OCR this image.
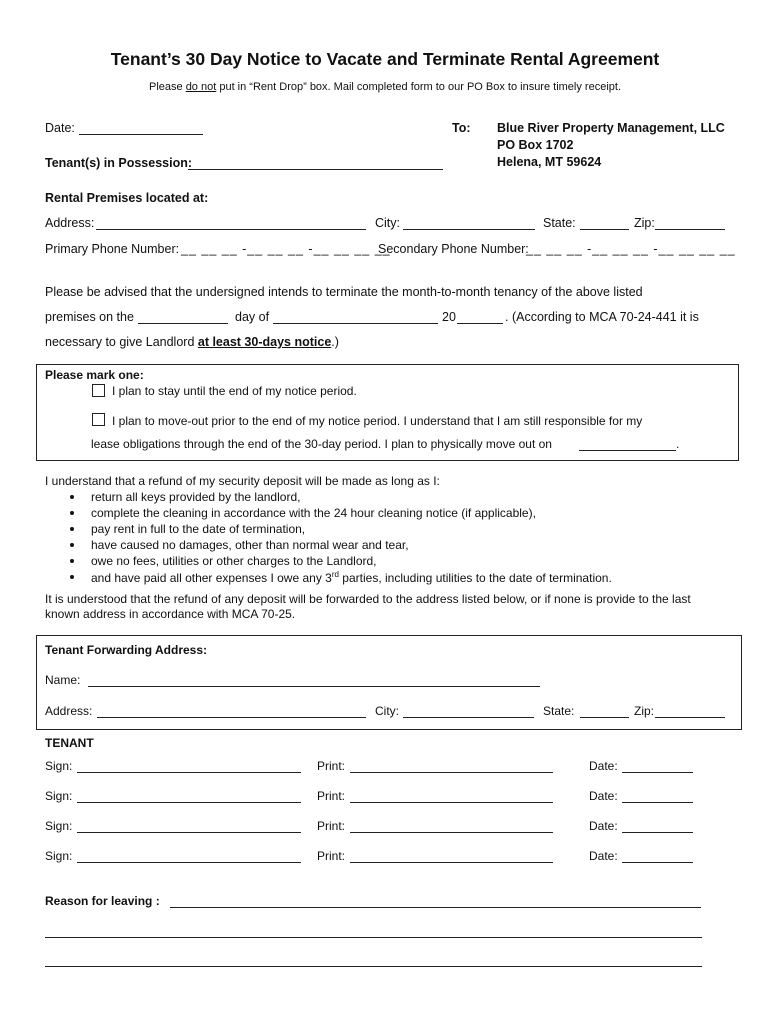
Tenant’s 30 Day Notice to Vacate and Terminate Rental Agreement
Please do not put in “Rent Drop” box. Mail completed form to our PO Box to insure timely receipt.
Date:
Tenant(s) in Possession:
To: Blue River Property Management, LLC
PO Box 1702
Helena, MT 59624
Rental Premises located at:
Address:	City:	State:	Zip:
Primary Phone Number: __ __ __ -__ __ __ -__ __ __ __
Secondary Phone Number:
__ __ __ -__ __ __ -__ __ __ __
Please be advised that the undersigned intends to terminate the month-to-month tenancy of the above listed
premises on the	day of	20	. (According to MCA 70-24-441 it is
necessary to give Landlord at least 30-days notice.)
Please mark one:
I plan to stay until the end of my notice period.
I plan to move-out prior to the end of my notice period. I understand that I am still responsible for my
lease obligations through the end of the 30-day period. I plan to physically move out on	.
I understand that a refund of my security deposit will be made as long as I:
return all keys provided by the landlord,
complete the cleaning in accordance with the 24 hour cleaning notice (if applicable),
pay rent in full to the date of termination,
have caused no damages, other than normal wear and tear,
owe no fees, utilities or other charges to the Landlord,
and have paid all other expenses I owe any 3rd parties, including utilities to the date of termination.
It is understood that the refund of any deposit will be forwarded to the address listed below, or if none is provide to the last
known address in accordance with MCA 70-25.
Tenant Forwarding Address:
Name:
Address:	City:	State:	Zip:
TENANT
Sign:	Print:	Date:
Sign:	Print:	Date:
Sign:	Print:	Date:
Sign:	Print:	Date:
Reason for leaving :
